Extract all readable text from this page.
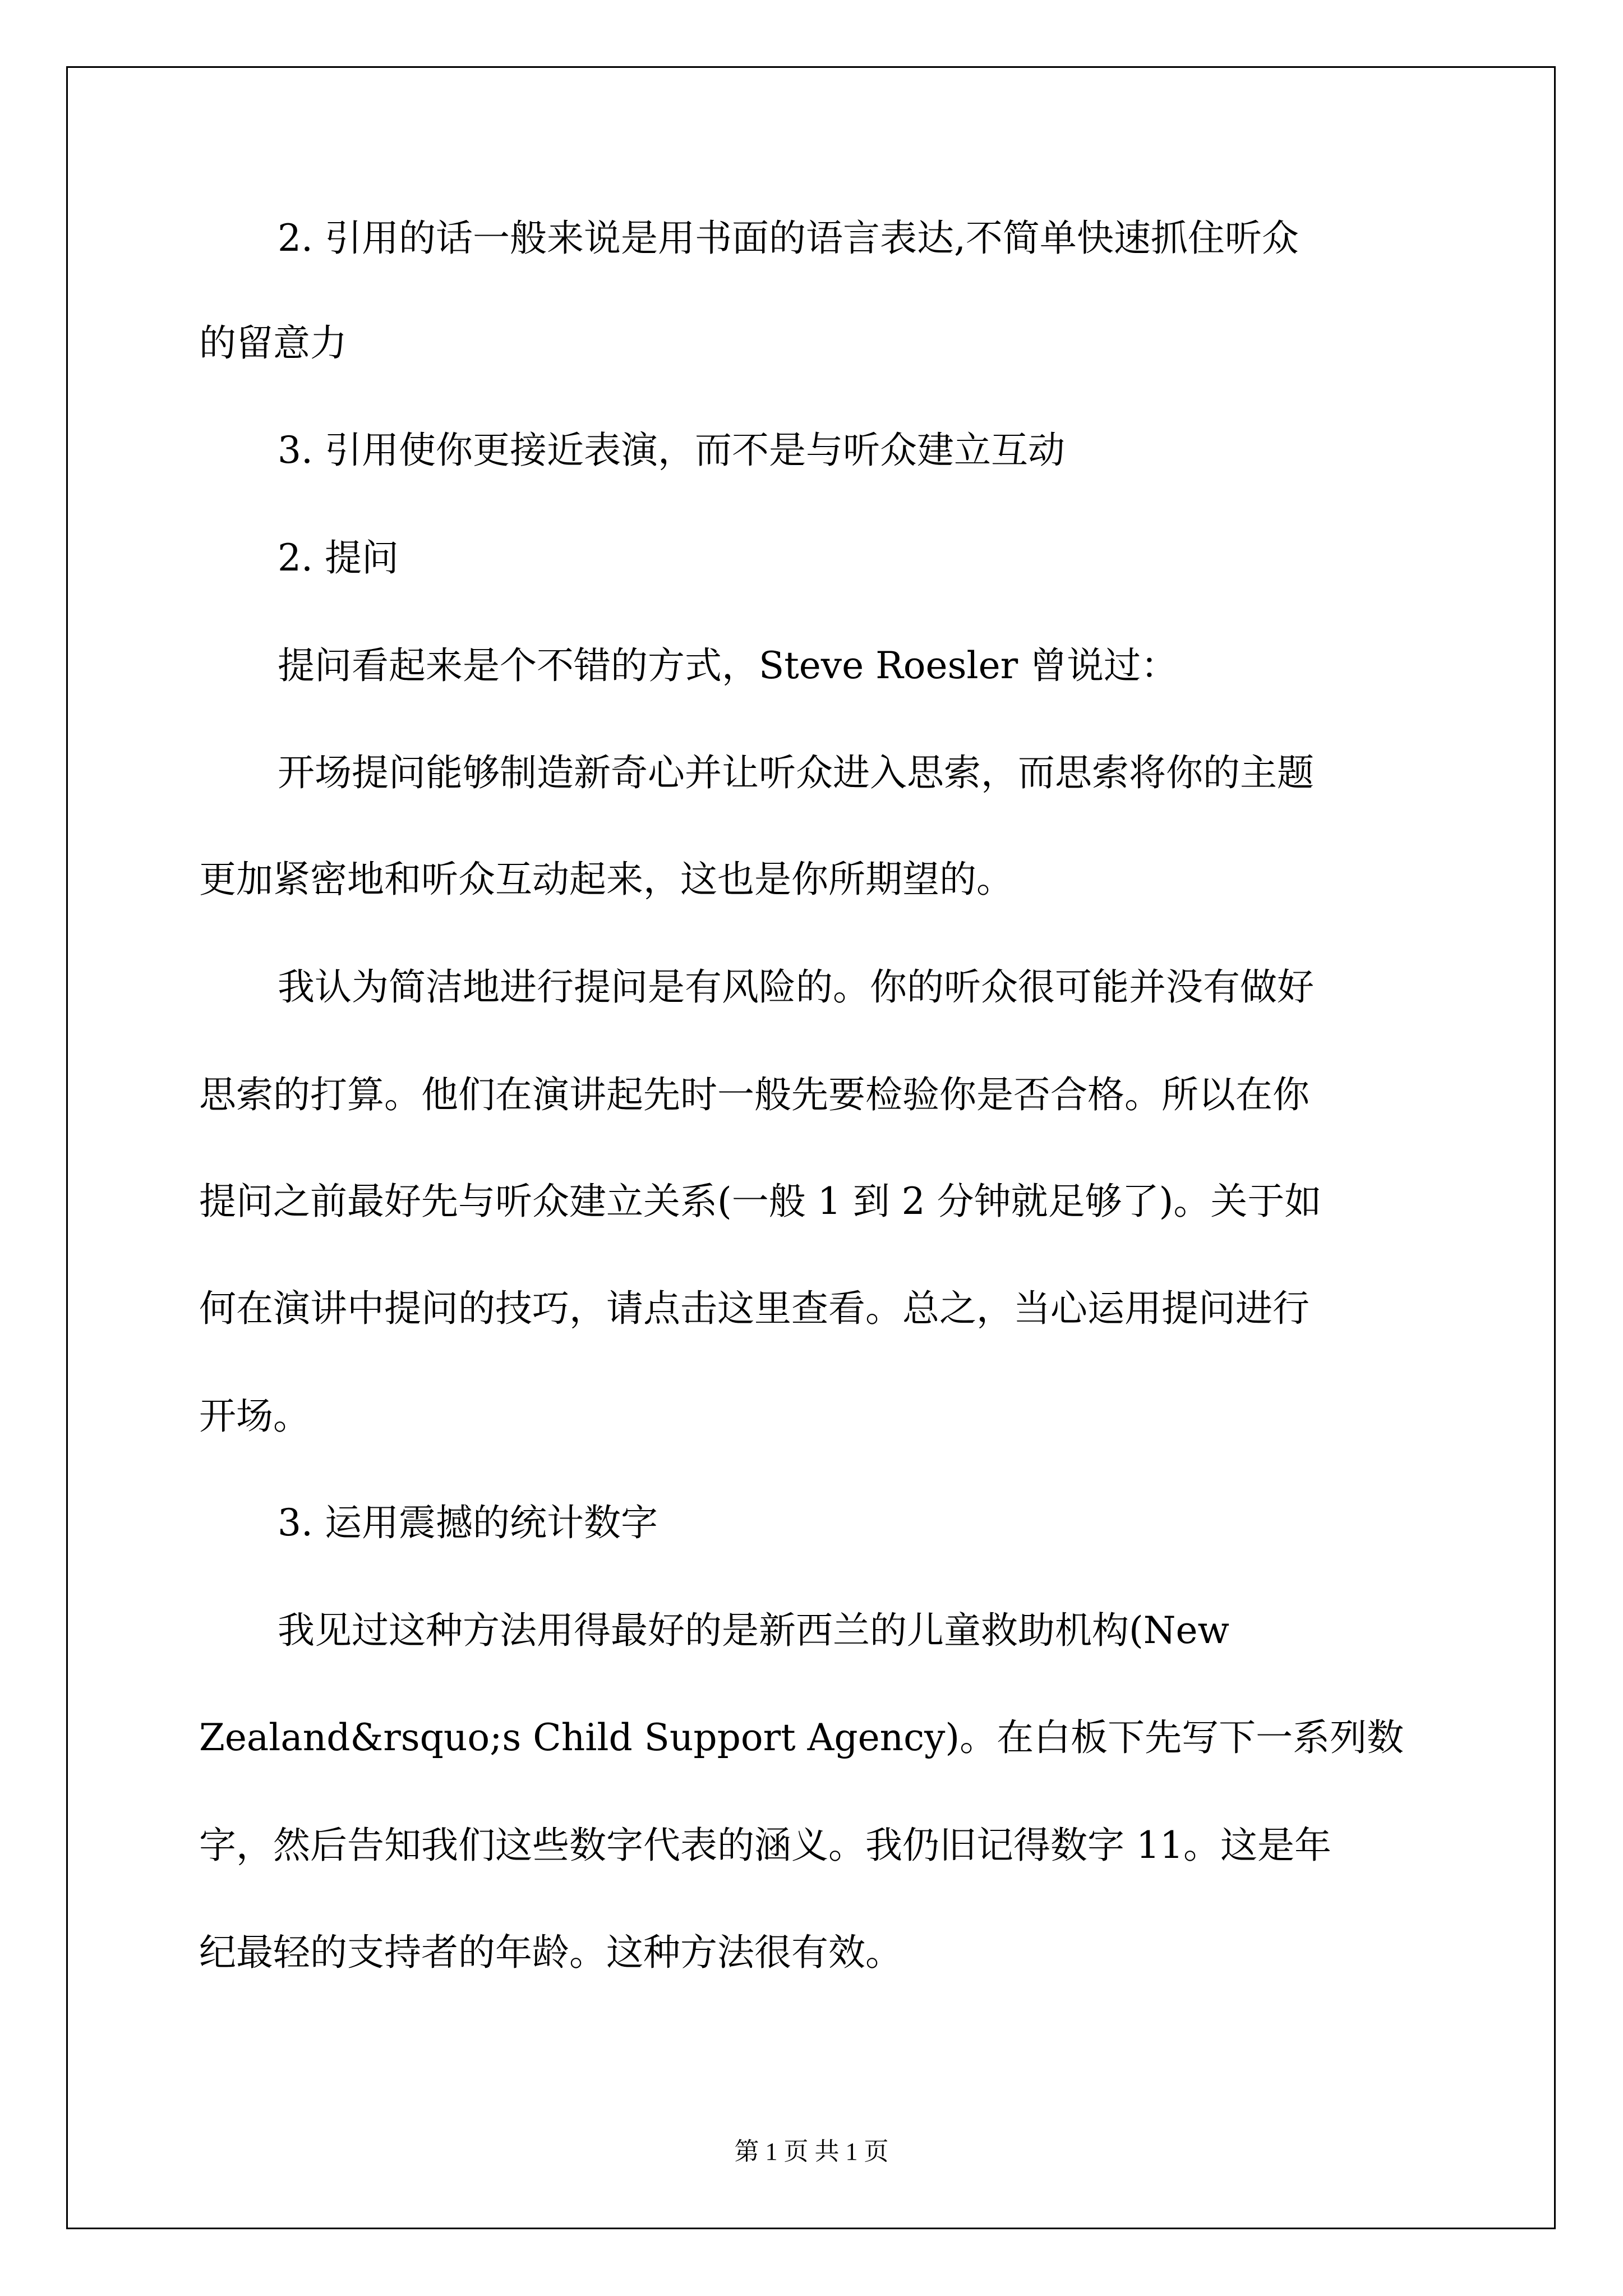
2. 引用的话一般来说是用书面的语言表达,不简单快速抓住听众
的留意力
3. 引用使你更接近表演，而不是与听众建立互动
2. 提问
提问看起来是个不错的方式，Steve Roesler 曾说过：
开场提问能够制造新奇心并让听众进入思索，而思索将你的主题
更加紧密地和听众互动起来，这也是你所期望的。
我认为简洁地进行提问是有风险的。你的听众很可能并没有做好
思索的打算。他们在演讲起先时一般先要检验你是否合格。所以在你
提问之前最好先与听众建立关系(一般 1 到 2 分钟就足够了)。关于如
何在演讲中提问的技巧，请点击这里查看。总之，当心运用提问进行
开场。
3. 运用震撼的统计数字
我见过这种方法用得最好的是新西兰的儿童救助机构(New
Zealand&rsquo;s Child Support Agency)。在白板下先写下一系列数
字，然后告知我们这些数字代表的涵义。我仍旧记得数字 11。这是年
纪最轻的支持者的年龄。这种方法很有效。
第 1 页 共 1 页
